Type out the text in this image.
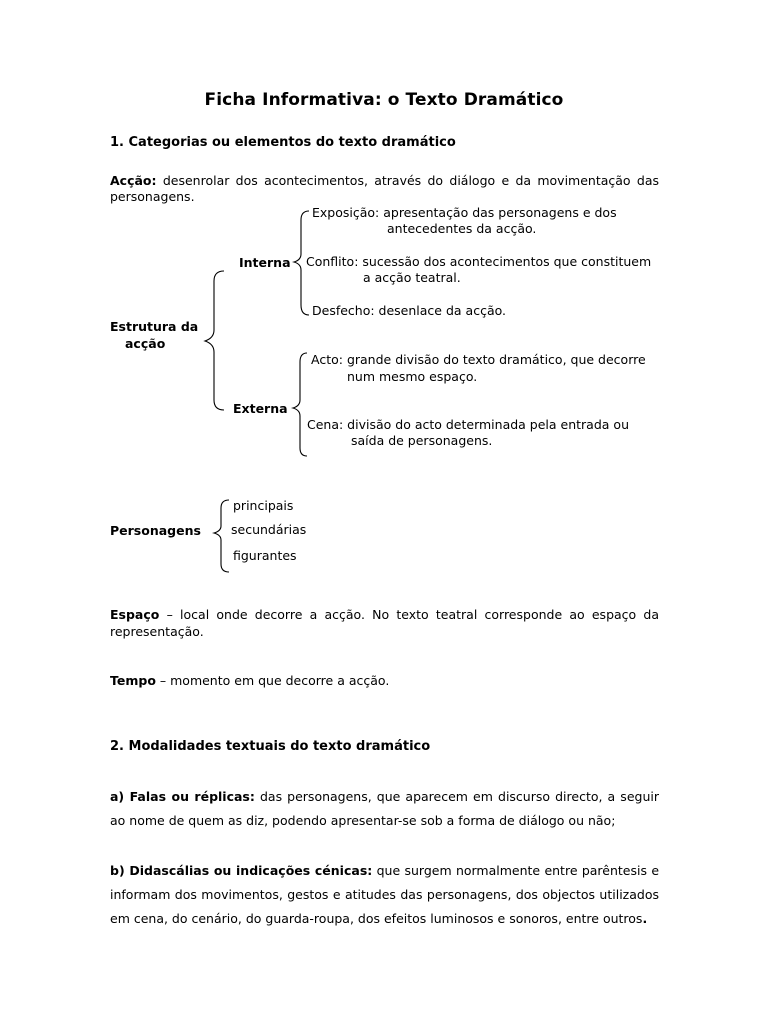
Ficha Informativa: o Texto Dramático
1. Categorias ou elementos do texto dramático
Acção: desenrolar dos acontecimentos, através do diálogo e da movimentação das
personagens.
Estrutura da
acção
Interna
Exposição: apresentação das personagens e dos
antecedentes da acção.
Conflito: sucessão dos acontecimentos que constituem
a acção teatral.
Desfecho: desenlace da acção.
Externa
Acto: grande divisão do texto dramático, que decorre
num mesmo espaço.
Cena: divisão do acto determinada pela entrada ou
saída de personagens.
Personagens
principais
secundárias
figurantes
Espaço – local onde decorre a acção. No texto teatral corresponde ao espaço da
representação.
Tempo – momento em que decorre a acção.
2. Modalidades textuais do texto dramático
a) Falas ou réplicas: das personagens, que aparecem em discurso directo, a seguir
ao nome de quem as diz, podendo apresentar-se sob a forma de diálogo ou não;
b) Didascálias ou indicações cénicas: que surgem normalmente entre parêntesis e
informam dos movimentos, gestos e atitudes das personagens, dos objectos utilizados
em cena, do cenário, do guarda-roupa, dos efeitos luminosos e sonoros, entre outros.
